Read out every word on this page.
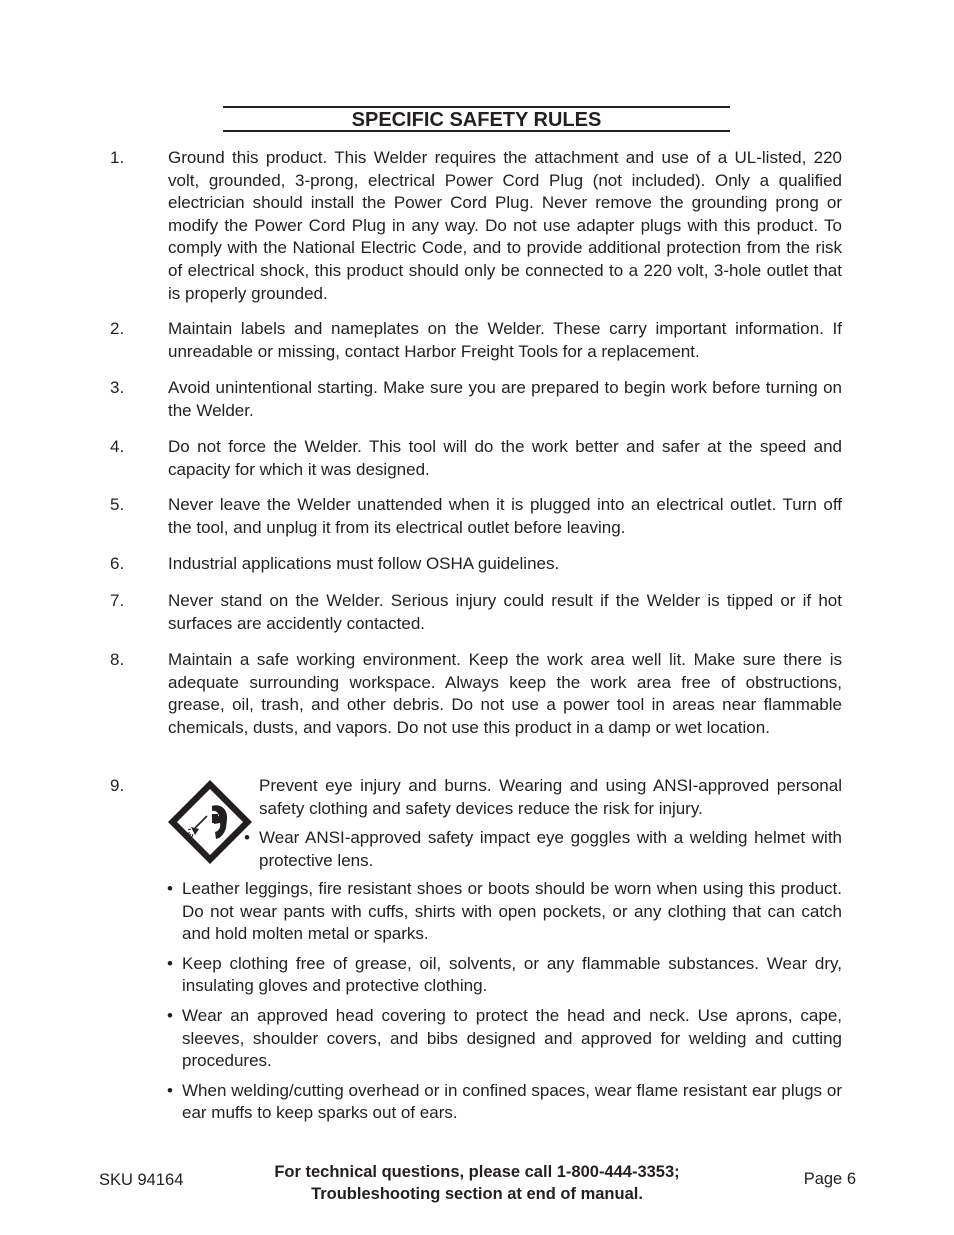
SPECIFIC SAFETY RULES
1.	Ground this product. This Welder requires the attachment and use of a UL-listed, 220 volt, grounded, 3-prong, electrical Power Cord Plug (not included). Only a qualified electrician should install the Power Cord Plug. Never remove the grounding prong or modify the Power Cord Plug in any way. Do not use adapter plugs with this product. To comply with the National Electric Code, and to provide additional protection from the risk of electrical shock, this product should only be connected to a 220 volt, 3-hole outlet that is properly grounded.
2.	Maintain labels and nameplates on the Welder. These carry important information. If unreadable or missing, contact Harbor Freight Tools for a replacement.
3.	Avoid unintentional starting. Make sure you are prepared to begin work before turning on the Welder.
4.	Do not force the Welder. This tool will do the work better and safer at the speed and capacity for which it was designed.
5.	Never leave the Welder unattended when it is plugged into an electrical outlet. Turn off the tool, and unplug it from its electrical outlet before leaving.
6.	Industrial applications must follow OSHA guidelines.
7.	Never stand on the Welder. Serious injury could result if the Welder is tipped or if hot surfaces are accidently contacted.
8.	Maintain a safe working environment. Keep the work area well lit. Make sure there is adequate surrounding workspace. Always keep the work area free of obstructions, grease, oil, trash, and other debris. Do not use a power tool in areas near flammable chemicals, dusts, and vapors. Do not use this product in a damp or wet location.
9.	Prevent eye injury and burns. Wearing and using ANSI-approved personal safety clothing and safety devices reduce the risk for injury.
• Wear ANSI-approved safety impact eye goggles with a welding helmet with protective lens.
• Leather leggings, fire resistant shoes or boots should be worn when using this product. Do not wear pants with cuffs, shirts with open pockets, or any clothing that can catch and hold molten metal or sparks.
• Keep clothing free of grease, oil, solvents, or any flammable substances. Wear dry, insulating gloves and protective clothing.
• Wear an approved head covering to protect the head and neck. Use aprons, cape, sleeves, shoulder covers, and bibs designed and approved for welding and cutting procedures.
• When welding/cutting overhead or in confined spaces, wear flame resistant ear plugs or ear muffs to keep sparks out of ears.
SKU 94164	For technical questions, please call 1-800-444-3353;
Troubleshooting section at end of manual.
Page 6
